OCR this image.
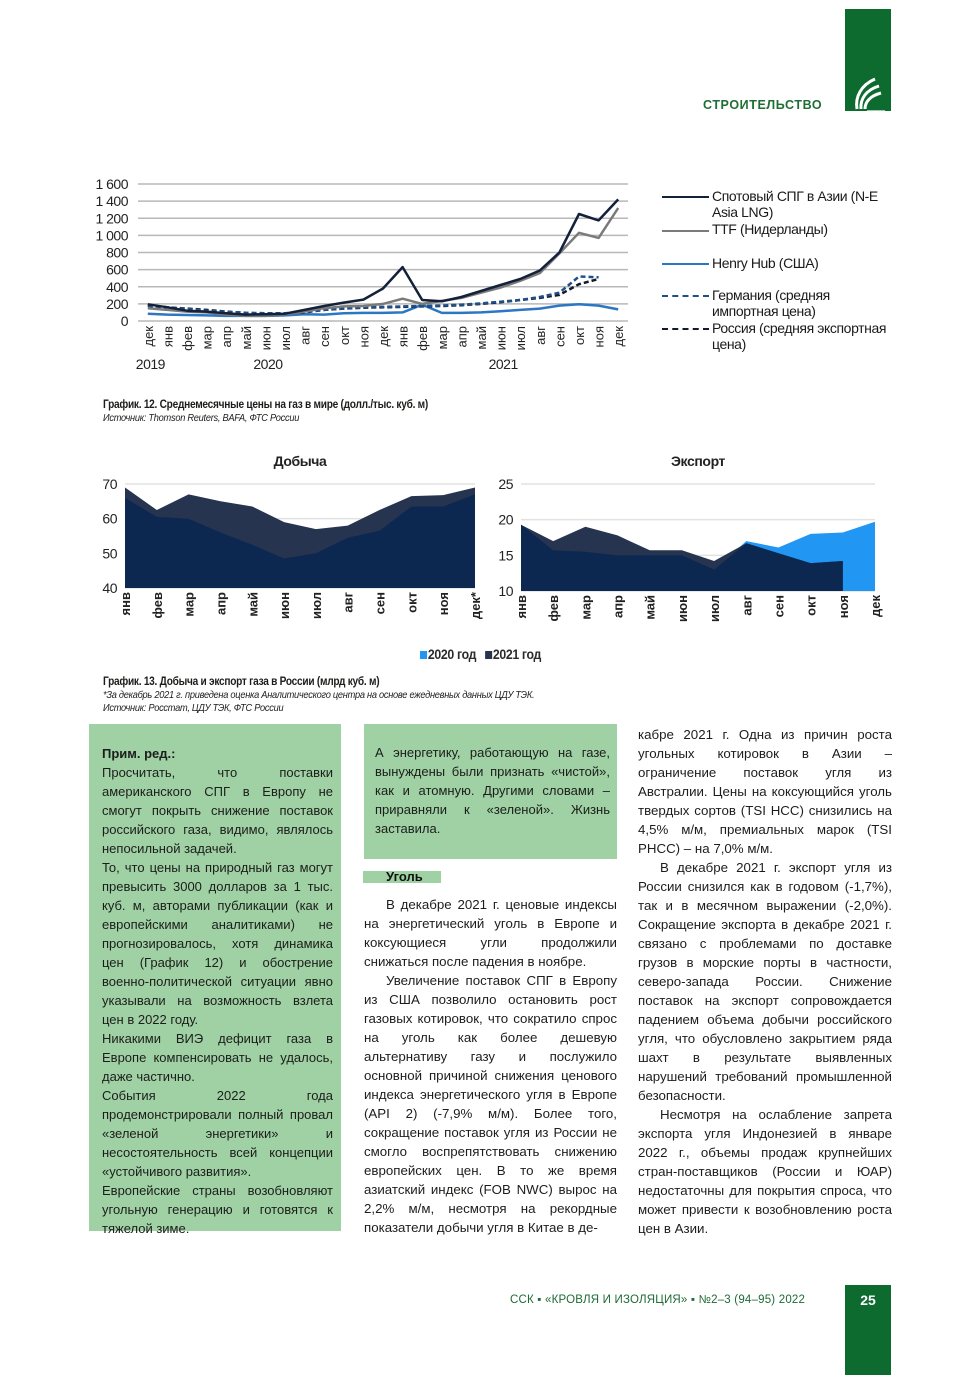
СТРОИТЕЛЬСТВО
0
200
400
600
800
1 000
1 200
1 400
1 600
дек янв фев мар апр май июн июл авг сен окт ноя дек янв фев мар апр май июн июл авг сен окт ноя дек
2019	2020	2021
Спотовый СПГ в Азии (N-E Asia LNG)
TTF (Нидерланды)
Henry Hub (США)
Германия (средняя импортная цена)
Россия (средняя экспортная цена)
График. 12. Среднемесячные цены на газ в мире (долл./тыс. куб. м)
Источник: Thomson Reuters, BAFA, ФТС России
Добыча
40
50
60
70
янв фев мар апр май июн июл авг сен окт ноя дек*
Экспорт
10
15
20
25
янв фев мар апр май июн июл авг сен окт ноя дек
2020 год	2021 год
График. 13. Добыча и экспорт газа в России (млрд куб. м)
*За декабрь 2021 г. приведена оценка Аналитического центра на основе ежедневных данных ЦДУ ТЭК.
Источник: Росстат, ЦДУ ТЭК, ФТС России

Прим. ред.:

Просчитать, что поставки американского СПГ в Европу не смогут покрыть снижение поставок российского газа, видимо, являлось непосильной задачей.

То, что цены на природный газ могут превысить 3000 долларов за 1 тыс. куб. м, авторами публикации (как и европейскими аналитиками) не прогнозировалось, хотя динамика цен (График 12) и обострение военно-политической ситуации явно указывали на возможность взлета цен в 2022 году.

Никакими ВИЭ дефицит газа в Европе компенсировать не удалось, даже частично.

События 2022 года продемонстрировали полный провал «зеленой энергетики» и несостоятельность всей концепции «устойчивого развития».

Европейские страны возобновляют угольную генерацию и готовятся к тяжелой зиме.

А энергетику, работающую на газе, вынуждены были признать «чистой», как и атомную. Другими словами – приравняли к «зеленой». Жизнь заставила.

Уголь

В декабре 2021 г. ценовые индексы на энергетический уголь в Европе и коксующиеся угли продолжили снижаться после падения в ноябре.

Увеличение поставок СПГ в Европу из США позволило остановить рост газовых котировок, что сократило спрос на уголь как более дешевую альтернативу газу и послужило основной причиной снижения ценового индекса энергетического угля в Европе (API 2) (-7,9% м/м). Более того, сокращение поставок угля из России не смогло воспрепятствовать снижению европейских цен. В то же время азиатский индекс (FOB NWC) вырос на 2,2% м/м, несмотря на рекордные показатели добычи угля в Китае в де-

кабре 2021 г. Одна из причин роста угольных котировок в Азии – ограничение поставок угля из Австралии. Цены на коксующийся уголь твердых сортов (TSI HCC) снизились на 4,5% м/м, премиальных марок (TSI PHCC) – на 7,0% м/м.

В декабре 2021 г. экспорт угля из России снизился как в годовом (-1,7%), так и в месячном выражении (-2,0%). Сокращение экспорта в декабре 2021 г. связано с проблемами по доставке грузов в морские порты в частности, северо-запада России. Снижение поставок на экспорт сопровождается падением объема добычи российского угля, что обусловлено закрытием ряда шахт в результате выявленных нарушений требований промышленной безопасности.

Несмотря на ослабление запрета экспорта угля Индонезией в январе 2022 г., объемы продаж крупнейших стран-поставщиков (России и ЮАР) недостаточны для покрытия спроса, что может привести к возобновлению роста цен в Азии.

ССК ▪ «КРОВЛЯ И ИЗОЛЯЦИЯ» ▪ №2–3 (94–95) 2022	25
